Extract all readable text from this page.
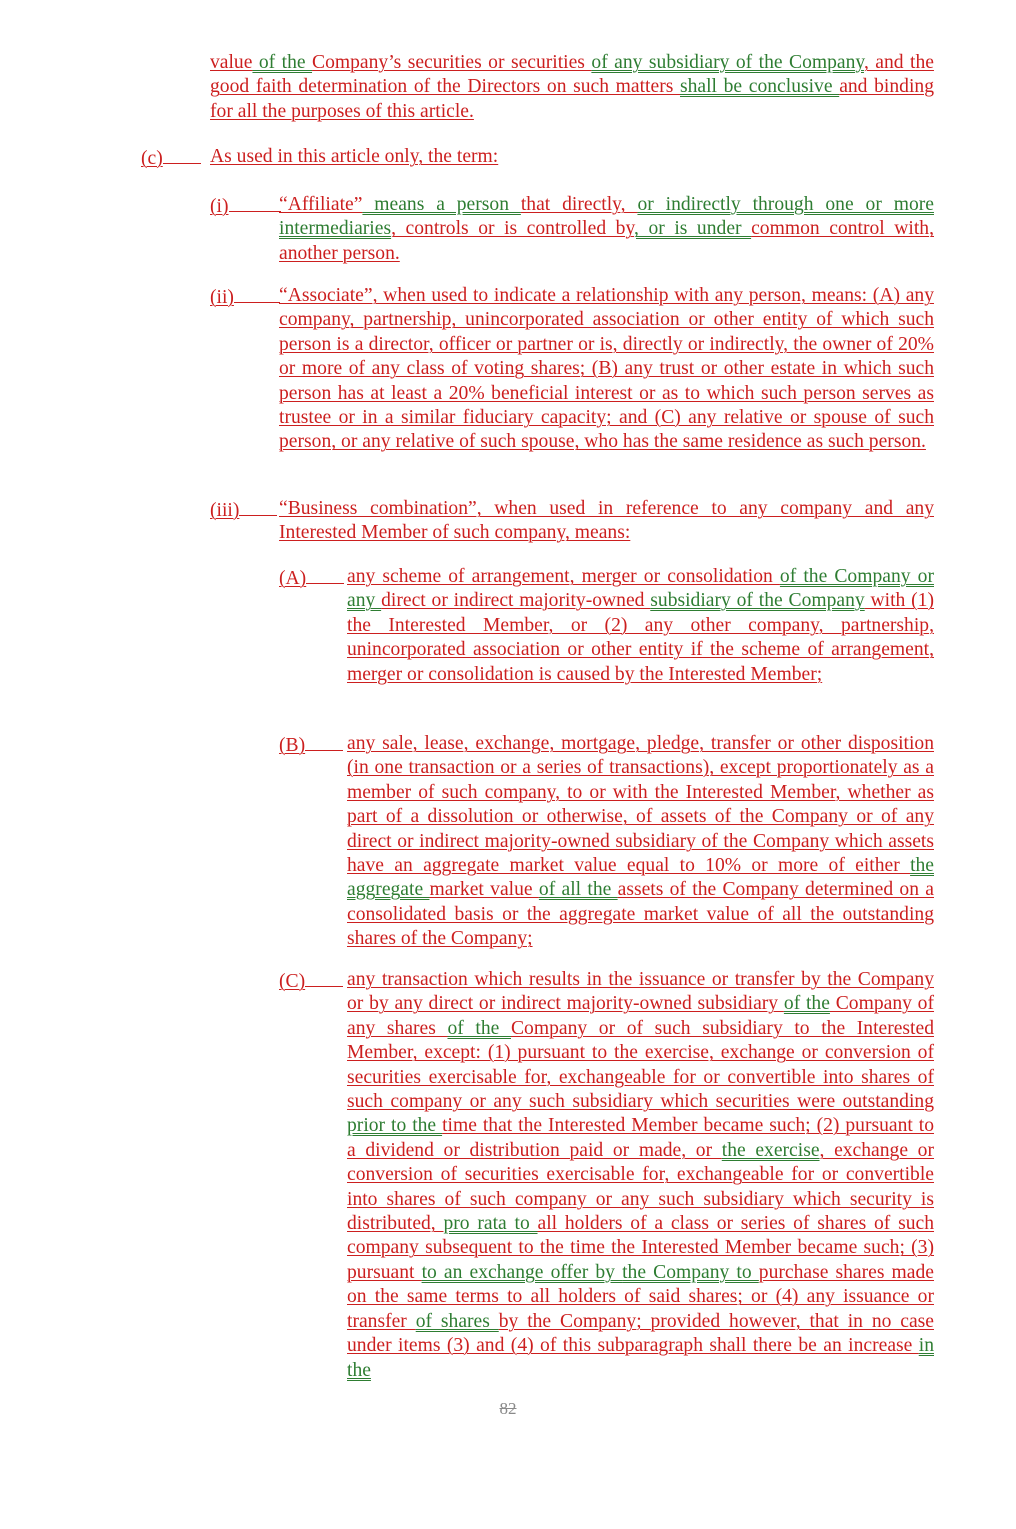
value of the Company’s securities or securities of any subsidiary of the Company, and the good faith determination of the Directors on such matters shall be conclusive and binding for all the purposes of this article.

(c)	As used in this article only, the term:

(i)	“Affiliate” means a person that directly, or indirectly through one or more intermediaries, controls or is controlled by, or is under common control with, another person.

(ii)	“Associate”, when used to indicate a relationship with any person, means: (A) any company, partnership, unincorporated association or other entity of which such person is a director, officer or partner or is, directly or indirectly, the owner of 20% or more of any class of voting shares; (B) any trust or other estate in which such person has at least a 20% beneficial interest or as to which such person serves as trustee or in a similar fiduciary capacity; and (C) any relative or spouse of such person, or any relative of such spouse, who has the same residence as such person.

(iii)	“Business combination”, when used in reference to any company and any Interested Member of such company, means:

(A)	any scheme of arrangement, merger or consolidation of the Company or any direct or indirect majority-owned subsidiary of the Company with (1) the Interested Member, or (2) any other company, partnership, unincorporated association or other entity if the scheme of arrangement, merger or consolidation is caused by the Interested Member;

(B)	any sale, lease, exchange, mortgage, pledge, transfer or other disposition (in one transaction or a series of transactions), except proportionately as a member of such company, to or with the Interested Member, whether as part of a dissolution or otherwise, of assets of the Company or of any direct or indirect majority-owned subsidiary of the Company which assets have an aggregate market value equal to 10% or more of either the aggregate market value of all the assets of the Company determined on a consolidated basis or the aggregate market value of all the outstanding shares of the Company;

(C)	any transaction which results in the issuance or transfer by the Company or by any direct or indirect majority-owned subsidiary of the Company of any shares of the Company or of such subsidiary to the Interested Member, except: (1) pursuant to the exercise, exchange or conversion of securities exercisable for, exchangeable for or convertible into shares of such company or any such subsidiary which securities were outstanding prior to the time that the Interested Member became such; (2) pursuant to a dividend or distribution paid or made, or the exercise, exchange or conversion of securities exercisable for, exchangeable for or convertible into shares of such company or any such subsidiary which security is distributed, pro rata to all holders of a class or series of shares of such company subsequent to the time the Interested Member became such; (3) pursuant to an exchange offer by the Company to purchase shares made on the same terms to all holders of said shares; or (4) any issuance or transfer of shares by the Company; provided however, that in no case under items (3) and (4) of this subparagraph shall there be an increase in the

82
